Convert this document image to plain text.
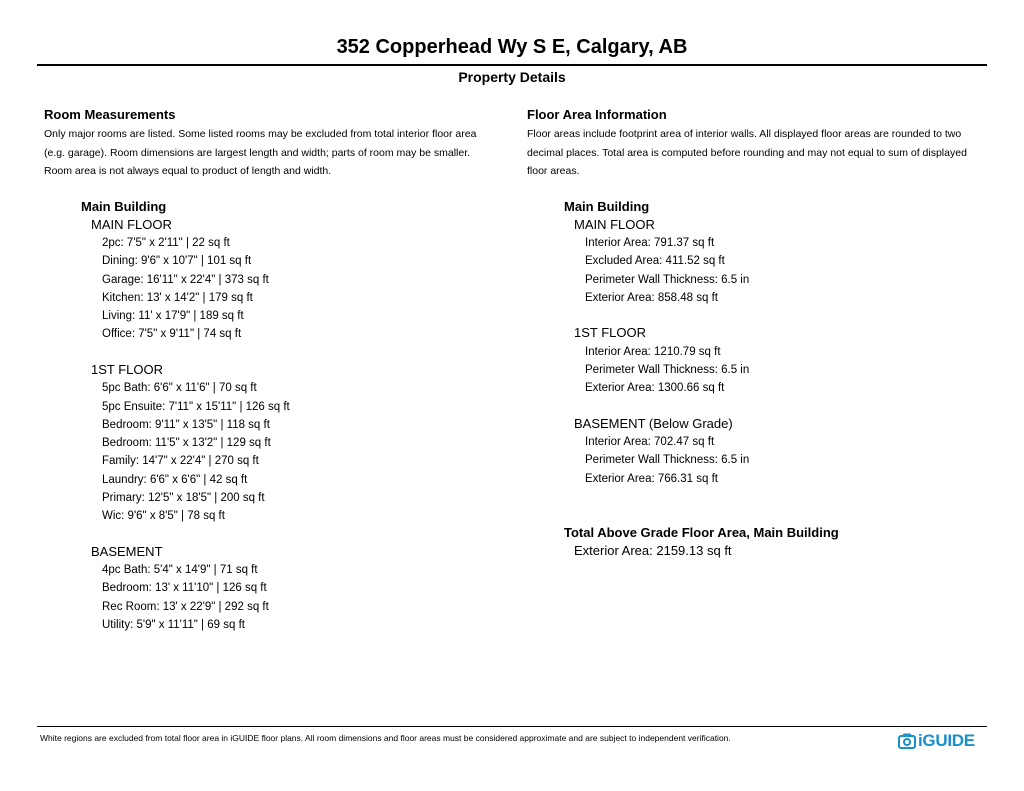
352 Copperhead Wy S E, Calgary, AB
Property Details
Room Measurements
Only major rooms are listed. Some listed rooms may be excluded from total interior floor area
(e.g. garage). Room dimensions are largest length and width; parts of room may be smaller.
Room area is not always equal to product of length and width.
Main Building
MAIN FLOOR
2pc: 7'5" x 2'11" | 22 sq ft
Dining: 9'6" x 10'7" | 101 sq ft
Garage: 16'11" x 22'4" | 373 sq ft
Kitchen: 13' x 14'2" | 179 sq ft
Living: 11' x 17'9" | 189 sq ft
Office: 7'5" x 9'11" | 74 sq ft
1ST FLOOR
5pc Bath: 6'6" x 11'6" | 70 sq ft
5pc Ensuite: 7'11" x 15'11" | 126 sq ft
Bedroom: 9'11" x 13'5" | 118 sq ft
Bedroom: 11'5" x 13'2" | 129 sq ft
Family: 14'7" x 22'4" | 270 sq ft
Laundry: 6'6" x 6'6" | 42 sq ft
Primary: 12'5" x 18'5" | 200 sq ft
Wic: 9'6" x 8'5" | 78 sq ft
BASEMENT
4pc Bath: 5'4" x 14'9" | 71 sq ft
Bedroom: 13' x 11'10" | 126 sq ft
Rec Room: 13' x 22'9" | 292 sq ft
Utility: 5'9" x 11'11" | 69 sq ft
Floor Area Information
Floor areas include footprint area of interior walls. All displayed floor areas are rounded to two
decimal places. Total area is computed before rounding and may not equal to sum of displayed
floor areas.
Main Building
MAIN FLOOR
Interior Area: 791.37 sq ft
Excluded Area: 411.52 sq ft
Perimeter Wall Thickness: 6.5 in
Exterior Area: 858.48 sq ft
1ST FLOOR
Interior Area: 1210.79 sq ft
Perimeter Wall Thickness: 6.5 in
Exterior Area: 1300.66 sq ft
BASEMENT (Below Grade)
Interior Area: 702.47 sq ft
Perimeter Wall Thickness: 6.5 in
Exterior Area: 766.31 sq ft
Total Above Grade Floor Area, Main Building
Exterior Area: 2159.13 sq ft
White regions are excluded from total floor area in iGUIDE floor plans. All room dimensions and floor areas must be considered approximate and are subject to independent verification.	iGUIDE
